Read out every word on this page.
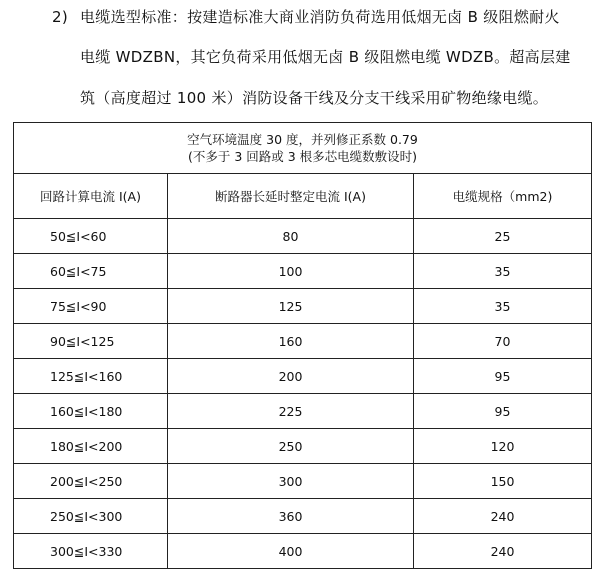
2) 电缆选型标准：按建造标准大商业消防负荷选用低烟无卤 B 级阻燃耐火
电缆 WDZBN，其它负荷采用低烟无卤 B 级阻燃电缆 WDZB。超高层建
筑（高度超过 100 米）消防设备干线及分支干线采用矿物绝缘电缆。
空气环境温度 30 度，并列修正系数 0.79
(不多于 3 回路或 3 根多芯电缆数敷设时)		

回路计算电流 I(A)	断路器长延时整定电流 I(A)	电缆规格（mm2)
50≦I<60	80	25
60≦I<75	100	35
75≦I<90	125	35
90≦I<125	160	70
125≦I<160	200	95
160≦I<180	225	95
180≦I<200	250	120
200≦I<250	300	150
250≦I<300	360	240
300≦I<330	400	240
